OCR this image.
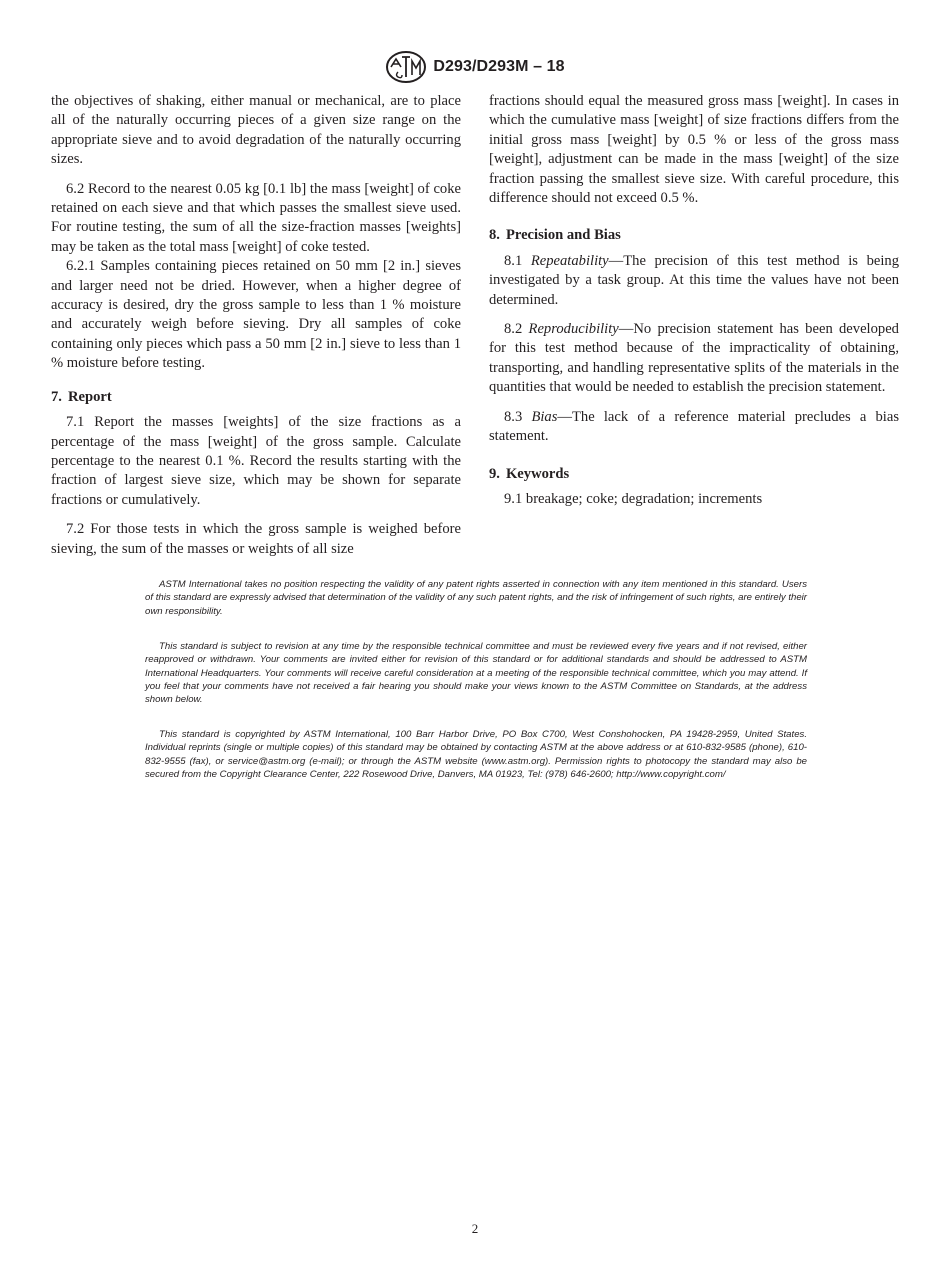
D293/D293M – 18

the objectives of shaking, either manual or mechanical, are to place all of the naturally occurring pieces of a given size range on the appropriate sieve and to avoid degradation of the naturally occurring sizes.

6.2 Record to the nearest 0.05 kg [0.1 lb] the mass [weight] of coke retained on each sieve and that which passes the smallest sieve used. For routine testing, the sum of all the size-fraction masses [weights] may be taken as the total mass [weight] of coke tested.

6.2.1 Samples containing pieces retained on 50 mm [2 in.] sieves and larger need not be dried. However, when a higher degree of accuracy is desired, dry the gross sample to less than 1 % moisture and accurately weigh before sieving. Dry all samples of coke containing only pieces which pass a 50 mm [2 in.] sieve to less than 1 % moisture before testing.

7. Report

7.1 Report the masses [weights] of the size fractions as a percentage of the mass [weight] of the gross sample. Calculate percentage to the nearest 0.1 %. Record the results starting with the fraction of largest sieve size, which may be shown for separate fractions or cumulatively.

7.2 For those tests in which the gross sample is weighed before sieving, the sum of the masses or weights of all size

fractions should equal the measured gross mass [weight]. In cases in which the cumulative mass [weight] of size fractions differs from the initial gross mass [weight] by 0.5 % or less of the gross mass [weight], adjustment can be made in the mass [weight] of the size fraction passing the smallest sieve size. With careful procedure, this difference should not exceed 0.5 %.

8. Precision and Bias

8.1 Repeatability—The precision of this test method is being investigated by a task group. At this time the values have not been determined.

8.2 Reproducibility—No precision statement has been developed for this test method because of the impracticality of obtaining, transporting, and handling representative splits of the materials in the quantities that would be needed to establish the precision statement.

8.3 Bias—The lack of a reference material precludes a bias statement.

9. Keywords

9.1 breakage; coke; degradation; increments

ASTM International takes no position respecting the validity of any patent rights asserted in connection with any item mentioned in this standard. Users of this standard are expressly advised that determination of the validity of any such patent rights, and the risk of infringement of such rights, are entirely their own responsibility.

This standard is subject to revision at any time by the responsible technical committee and must be reviewed every five years and if not revised, either reapproved or withdrawn. Your comments are invited either for revision of this standard or for additional standards and should be addressed to ASTM International Headquarters. Your comments will receive careful consideration at a meeting of the responsible technical committee, which you may attend. If you feel that your comments have not received a fair hearing you should make your views known to the ASTM Committee on Standards, at the address shown below.

This standard is copyrighted by ASTM International, 100 Barr Harbor Drive, PO Box C700, West Conshohocken, PA 19428-2959, United States. Individual reprints (single or multiple copies) of this standard may be obtained by contacting ASTM at the above address or at 610-832-9585 (phone), 610-832-9555 (fax), or service@astm.org (e-mail); or through the ASTM website (www.astm.org). Permission rights to photocopy the standard may also be secured from the Copyright Clearance Center, 222 Rosewood Drive, Danvers, MA 01923, Tel: (978) 646-2600; http://www.copyright.com/

2
